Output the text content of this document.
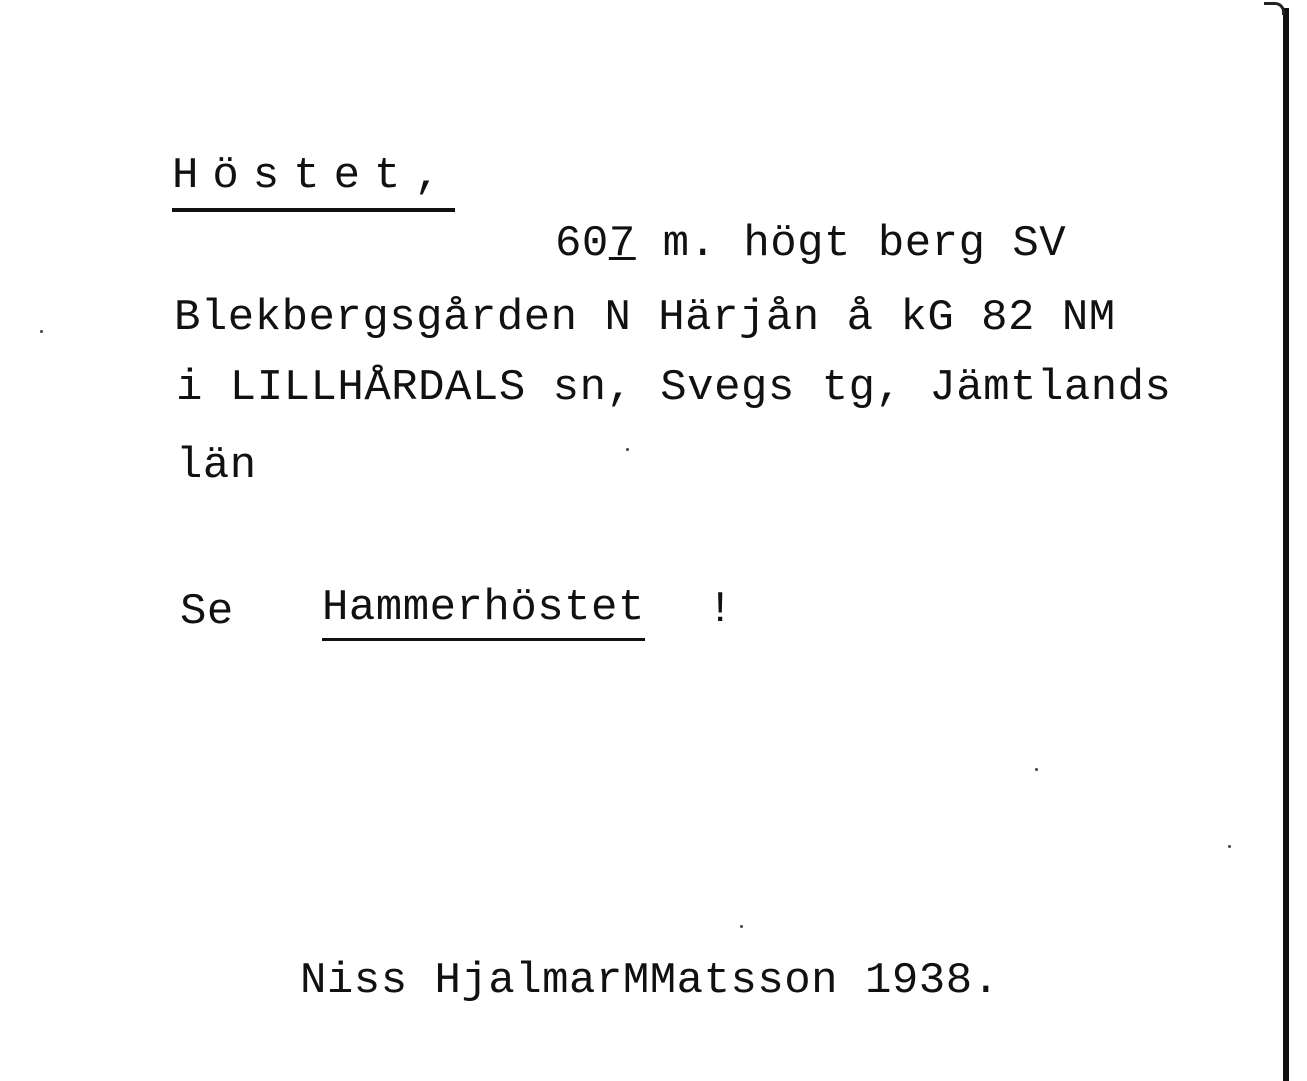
Höstet,
607 m. högt berg SV
Blekbergsgården N Härjån å kG 82 NM
i LILLHÅRDALS sn, Svegs tg, Jämtlands
län
Se Hammerhöstet !
Niss HjalmarMMatsson 1938.
